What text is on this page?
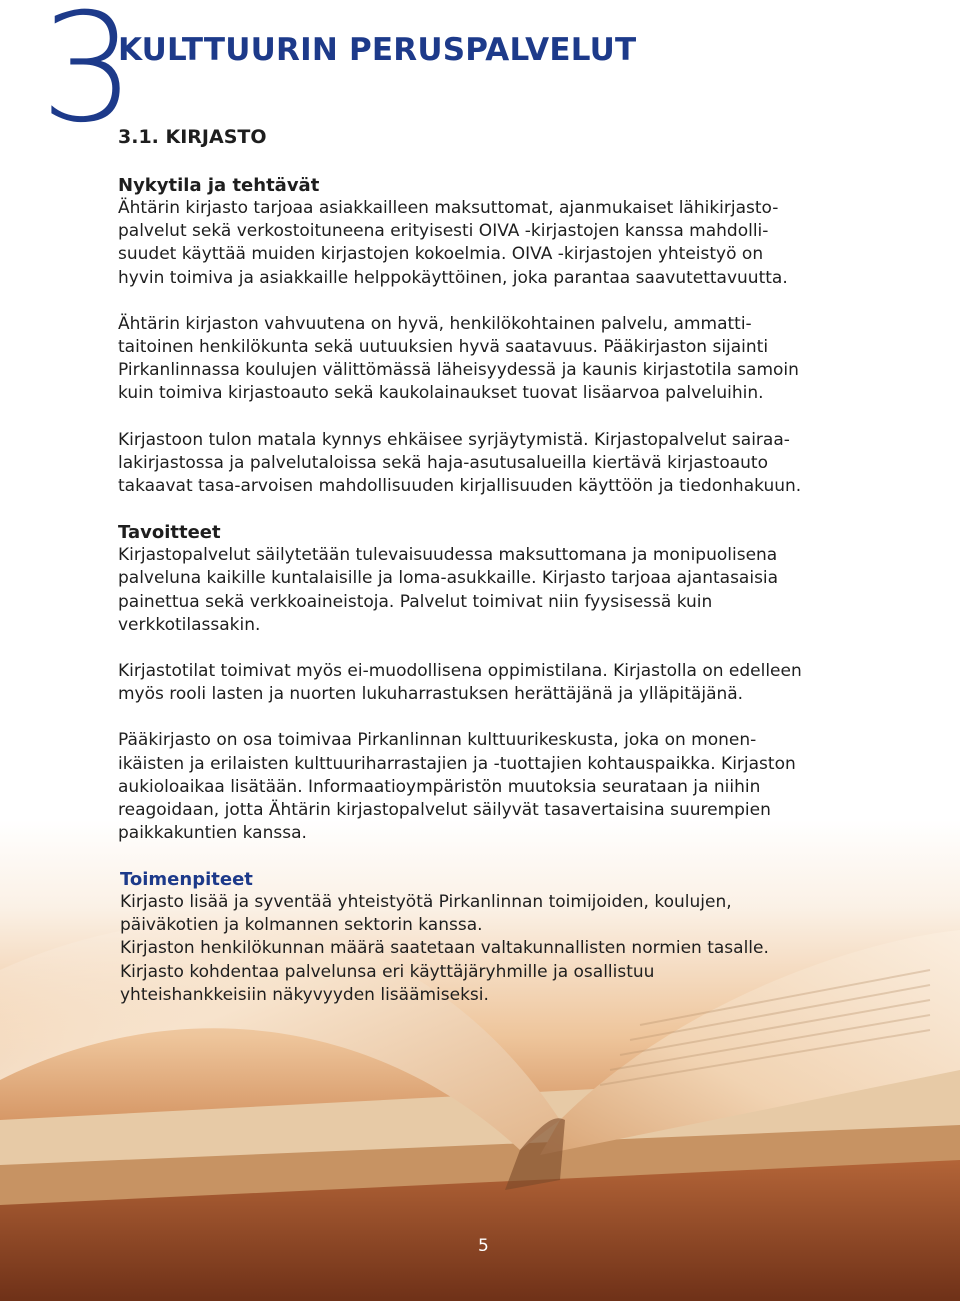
3
KULTTUURIN PERUSPALVELUT
3.1. KIRJASTO

Nykytila ja tehtävät

Ähtärin kirjasto tarjoaa asiakkailleen maksuttomat, ajanmukaiset lähikirjasto-

palvelut sekä verkostoituneena erityisesti OIVA -kirjastojen kanssa mahdolli-

suudet käyttää muiden kirjastojen kokoelmia. OIVA -kirjastojen yhteistyö on

hyvin toimiva ja asiakkaille helppokäyttöinen, joka parantaa saavutettavuutta.

Ähtärin kirjaston vahvuutena on hyvä, henkilökohtainen palvelu, ammatti-

taitoinen henkilökunta sekä uutuuksien hyvä saatavuus. Pääkirjaston sijainti

Pirkanlinnassa koulujen välittömässä läheisyydessä ja kaunis kirjastotila samoin

kuin toimiva kirjastoauto sekä kaukolainaukset tuovat lisäarvoa palveluihin.

Kirjastoon tulon matala kynnys ehkäisee syrjäytymistä. Kirjastopalvelut sairaa-

lakirjastossa ja palvelutaloissa sekä haja-asutusalueilla kiertävä kirjastoauto

takaavat tasa-arvoisen mahdollisuuden kirjallisuuden käyttöön ja tiedonhakuun.

Tavoitteet

Kirjastopalvelut säilytetään tulevaisuudessa maksuttomana ja monipuolisena

palveluna kaikille kuntalaisille ja loma-asukkaille. Kirjasto tarjoaa ajantasaisia

painettua sekä verkkoaineistoja. Palvelut toimivat niin fyysisessä kuin

verkkotilassakin.

Kirjastotilat toimivat myös ei-muodollisena oppimistilana. Kirjastolla on edelleen

myös rooli lasten ja nuorten lukuharrastuksen herättäjänä ja ylläpitäjänä.

Pääkirjasto on osa toimivaa Pirkanlinnan kulttuurikeskusta, joka on monen-

ikäisten ja erilaisten kulttuuriharrastajien ja -tuottajien kohtauspaikka. Kirjaston

aukioloaikaa lisätään. Informaatioympäristön muutoksia seurataan ja niihin

reagoidaan, jotta Ähtärin kirjastopalvelut säilyvät tasavertaisina suurempien

paikkakuntien kanssa.

Toimenpiteet

Kirjasto lisää ja syventää yhteistyötä Pirkanlinnan toimijoiden, koulujen,

päiväkotien ja kolmannen sektorin kanssa.

Kirjaston henkilökunnan määrä saatetaan valtakunnallisten normien tasalle.

Kirjasto kohdentaa palvelunsa eri käyttäjäryhmille ja osallistuu

yhteishankkeisiin näkyvyyden lisäämiseksi.

5
